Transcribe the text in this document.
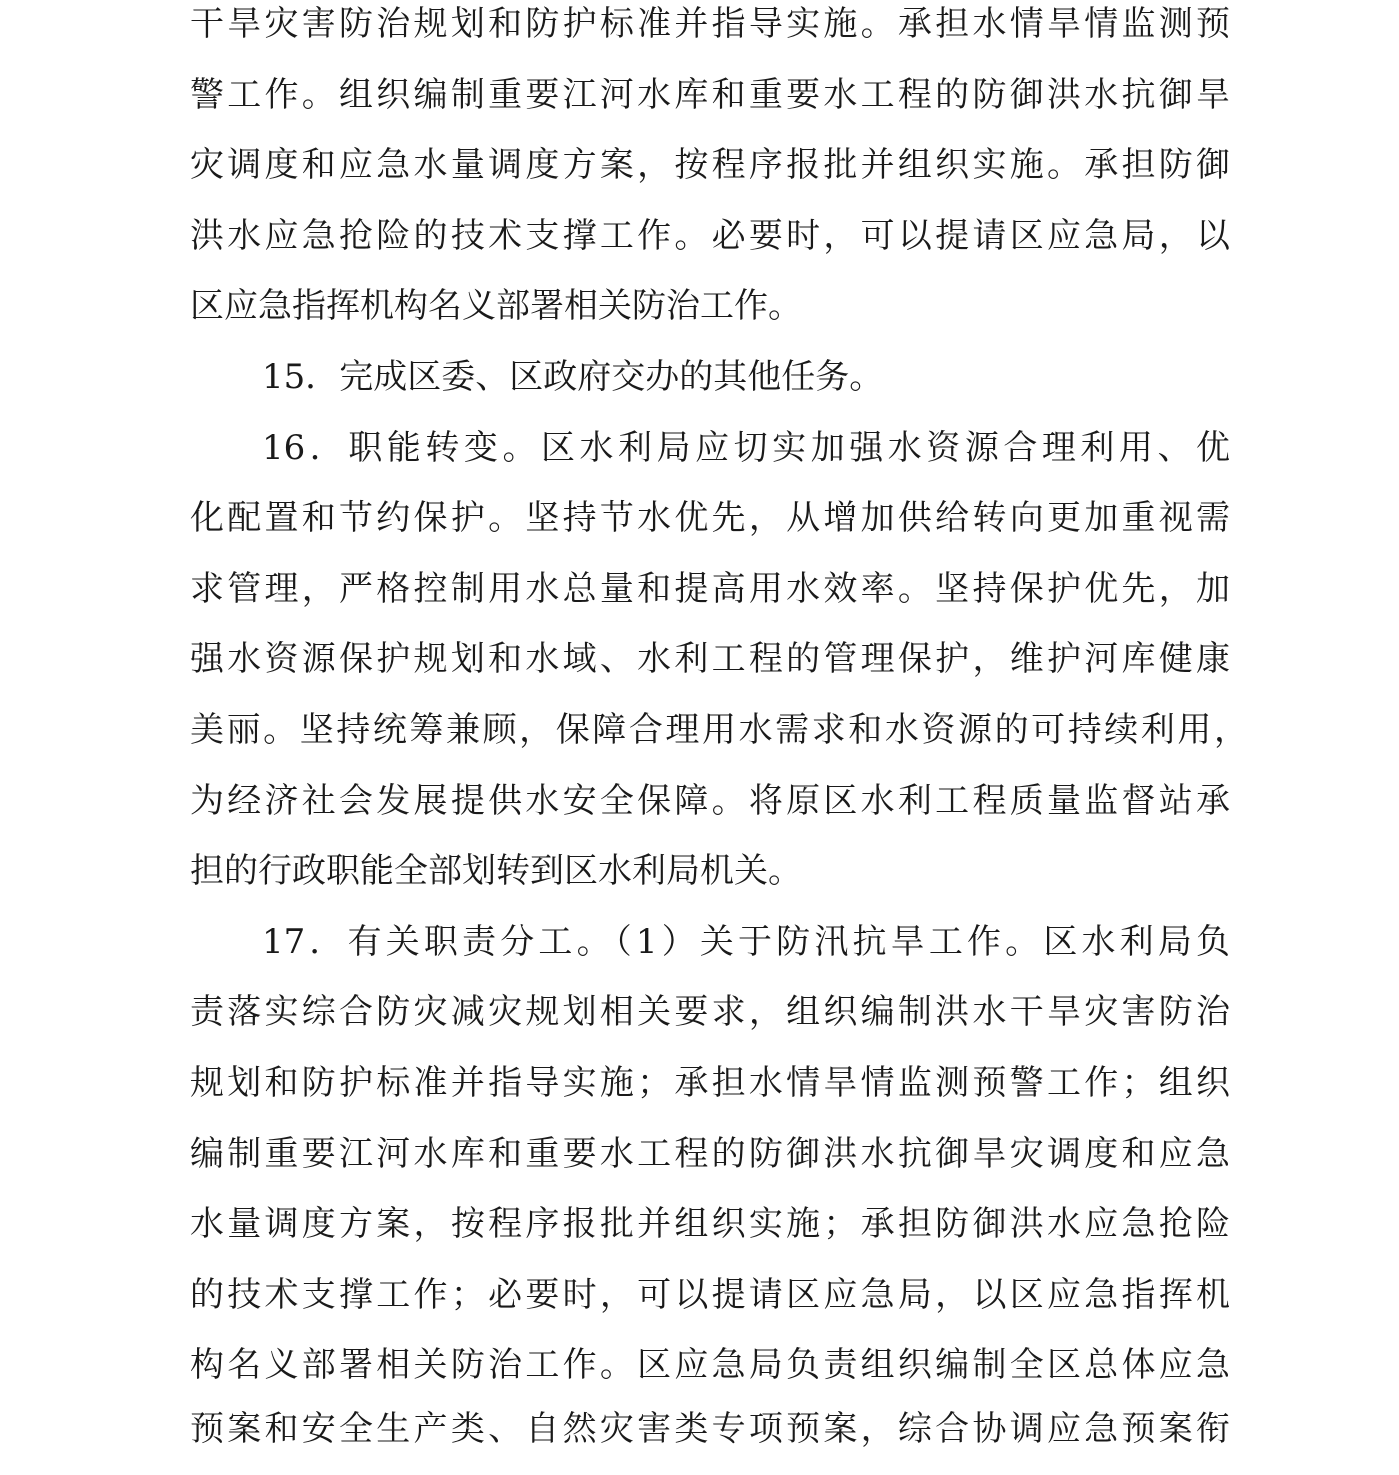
干旱灾害防治规划和防护标准并指导实施。承担水情旱情监测预
警工作。组织编制重要江河水库和重要水工程的防御洪水抗御旱
灾调度和应急水量调度方案，按程序报批并组织实施。承担防御
洪水应急抢险的技术支撑工作。必要时，可以提请区应急局，以
区应急指挥机构名义部署相关防治工作。
15．完成区委、区政府交办的其他任务。
16．职能转变。区水利局应切实加强水资源合理利用、优
化配置和节约保护。坚持节水优先，从增加供给转向更加重视需
求管理，严格控制用水总量和提高用水效率。坚持保护优先，加
强水资源保护规划和水域、水利工程的管理保护，维护河库健康
美丽。坚持统筹兼顾，保障合理用水需求和水资源的可持续利用，
为经济社会发展提供水安全保障。将原区水利工程质量监督站承
担的行政职能全部划转到区水利局机关。
17．有关职责分工。（1）关于防汛抗旱工作。区水利局负
责落实综合防灾减灾规划相关要求，组织编制洪水干旱灾害防治
规划和防护标准并指导实施；承担水情旱情监测预警工作；组织
编制重要江河水库和重要水工程的防御洪水抗御旱灾调度和应急
水量调度方案，按程序报批并组织实施；承担防御洪水应急抢险
的技术支撑工作；必要时，可以提请区应急局，以区应急指挥机
构名义部署相关防治工作。区应急局负责组织编制全区总体应急
预案和安全生产类、自然灾害类专项预案，综合协调应急预案衔
